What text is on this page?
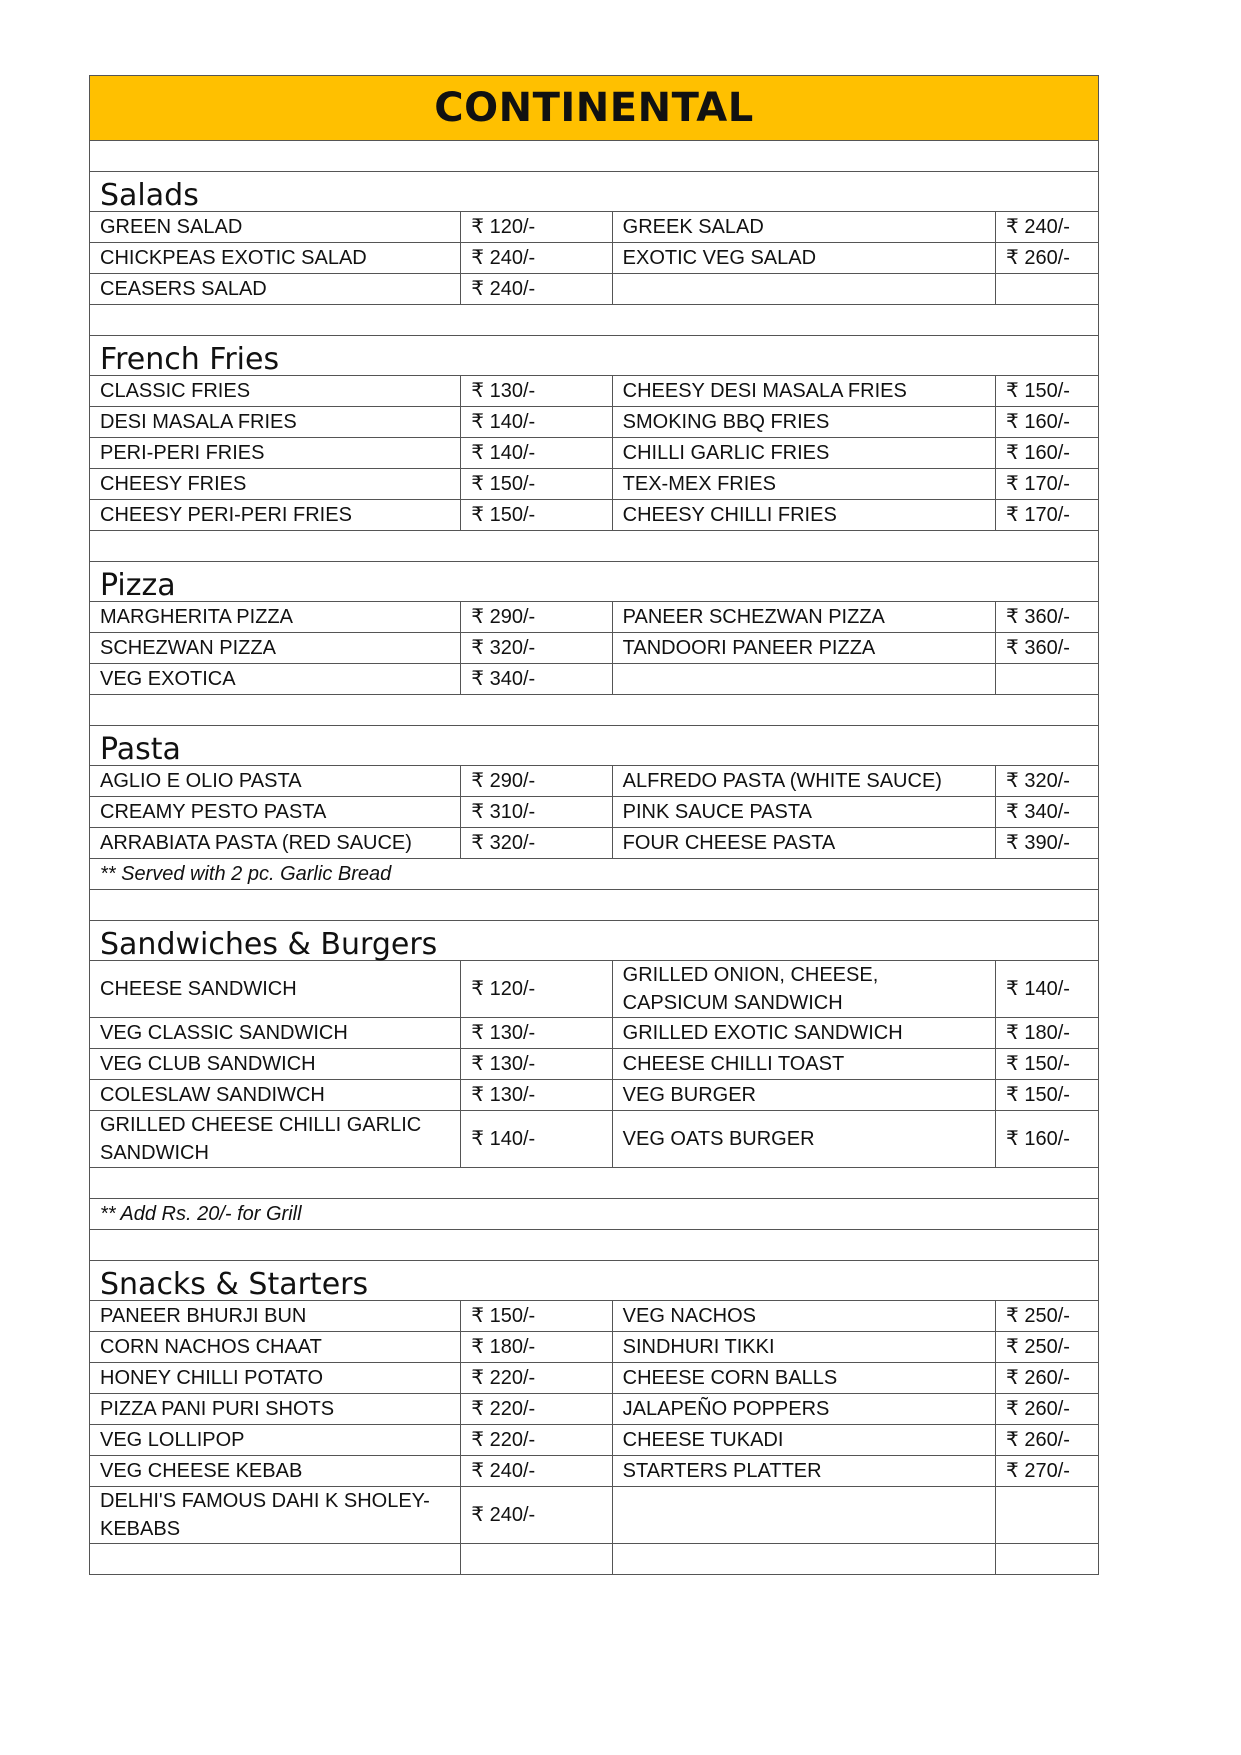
CONTINENTAL			

Salads			
GREEN SALAD	₹ 120/-	GREEK SALAD	₹ 240/-
CHICKPEAS EXOTIC SALAD	₹ 240/-	EXOTIC VEG SALAD	₹ 260/-
CEASERS SALAD	₹ 240/-		

French Fries			
CLASSIC FRIES	₹ 130/-	CHEESY DESI MASALA FRIES	₹ 150/-
DESI MASALA FRIES	₹ 140/-	SMOKING BBQ FRIES	₹ 160/-
PERI-PERI FRIES	₹ 140/-	CHILLI GARLIC FRIES	₹ 160/-
CHEESY FRIES	₹ 150/-	TEX-MEX FRIES	₹ 170/-
CHEESY PERI-PERI FRIES	₹ 150/-	CHEESY CHILLI FRIES	₹ 170/-

Pizza			
MARGHERITA PIZZA	₹ 290/-	PANEER SCHEZWAN PIZZA	₹ 360/-
SCHEZWAN PIZZA	₹ 320/-	TANDOORI PANEER PIZZA	₹ 360/-
VEG EXOTICA	₹ 340/-		

Pasta			
AGLIO E OLIO PASTA	₹ 290/-	ALFREDO PASTA (WHITE SAUCE)	₹ 320/-
CREAMY PESTO PASTA	₹ 310/-	PINK SAUCE PASTA	₹ 340/-
ARRABIATA PASTA (RED SAUCE)	₹ 320/-	FOUR CHEESE PASTA	₹ 390/-
** Served with 2 pc. Garlic Bread			

Sandwiches & Burgers			
CHEESE SANDWICH	₹ 120/-	GRILLED ONION, CHEESE, CAPSICUM SANDWICH	₹ 140/-
VEG CLASSIC SANDWICH	₹ 130/-	GRILLED EXOTIC SANDWICH	₹ 180/-
VEG CLUB SANDWICH	₹ 130/-	CHEESE CHILLI TOAST	₹ 150/-
COLESLAW SANDIWCH	₹ 130/-	VEG BURGER	₹ 150/-
GRILLED CHEESE CHILLI GARLIC SANDWICH	₹ 140/-	VEG OATS BURGER	₹ 160/-

** Add Rs. 20/- for Grill			

Snacks & Starters			
PANEER BHURJI BUN	₹ 150/-	VEG NACHOS	₹ 250/-
CORN NACHOS CHAAT	₹ 180/-	SINDHURI TIKKI	₹ 250/-
HONEY CHILLI POTATO	₹ 220/-	CHEESE CORN BALLS	₹ 260/-
PIZZA PANI PURI SHOTS	₹ 220/-	JALAPEÑO POPPERS	₹ 260/-
VEG LOLLIPOP	₹ 220/-	CHEESE TUKADI	₹ 260/-
VEG CHEESE KEBAB	₹ 240/-	STARTERS PLATTER	₹ 270/-
DELHI'S FAMOUS DAHI K SHOLEY-KEBABS	₹ 240/-		
